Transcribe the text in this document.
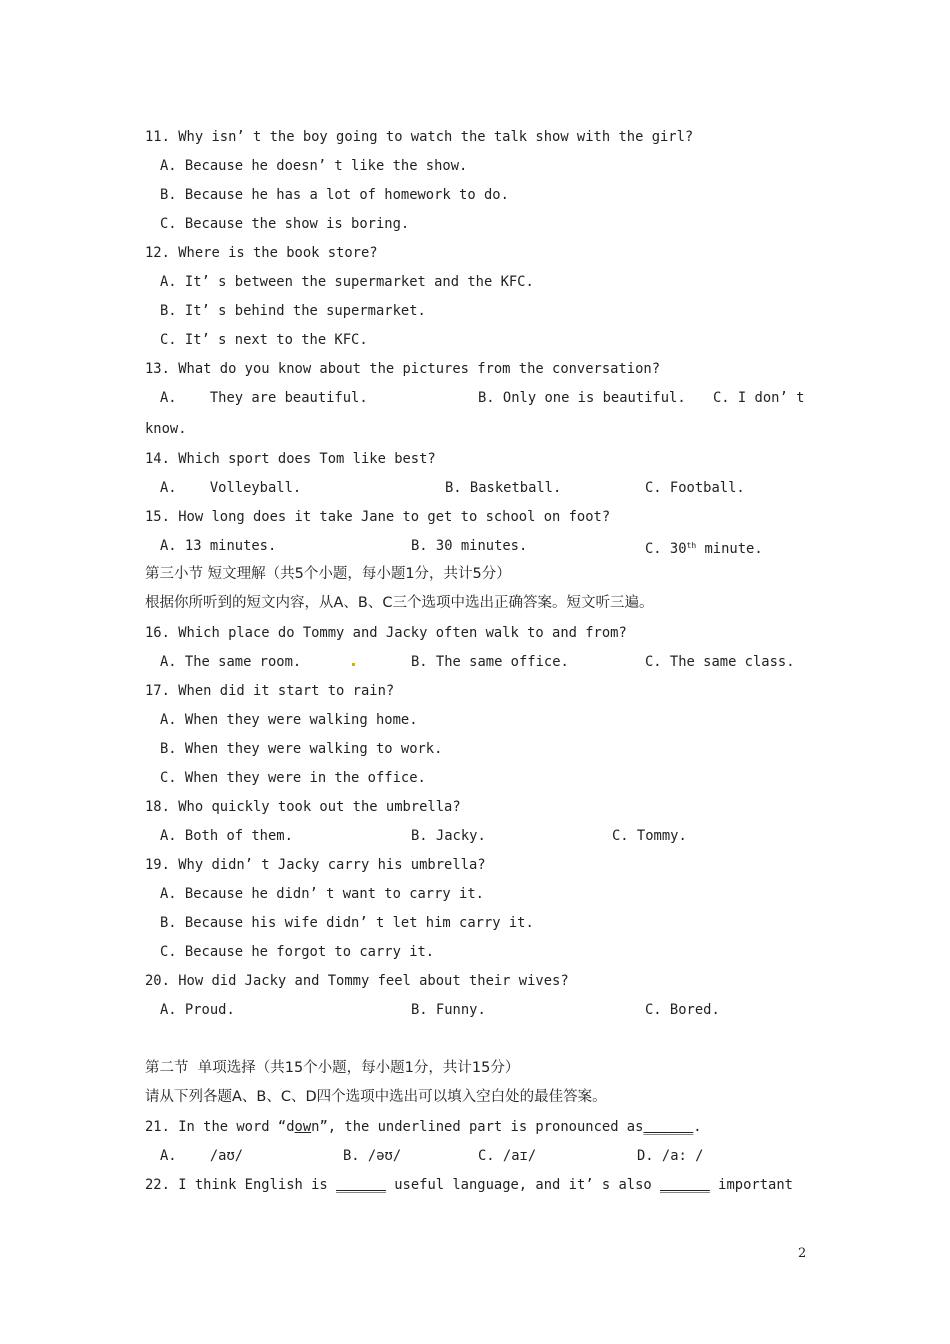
11. Why isn’ t the boy going to watch the talk show with the girl?
A. Because he doesn’ t like the show.
B. Because he has a lot of homework to do.
C. Because the show is boring.
12. Where is the book store?
A. It’ s between the supermarket and the KFC.
B. It’ s behind the supermarket.
C. It’ s next to the KFC.
13. What do you know about the pictures from the conversation?
A.    They are beautiful.	B. Only one is beautiful. C. I don’ t
know.
14. Which sport does Tom like best?
A.    Volleyball.	B. Basketball.	C. Football.
15. How long does it take Jane to get to school on foot?
A. 13 minutes.	B. 30 minutes.	C. 30th minute.
第三小节 短文理解（共5个小题，每小题1分，共计5分）
根据你所听到的短文内容，从A、B、C三个选项中选出正确答案。短文听三遍。
16. Which place do Tommy and Jacky often walk to and from?
A. The same room.	B. The same office.	C. The same class.
17. When did it start to rain?
A. When they were walking home.
B. When they were walking to work.
C. When they were in the office.
18. Who quickly took out the umbrella?
A. Both of them.	B. Jacky.	C. Tommy.
19. Why didn’ t Jacky carry his umbrella?
A. Because he didn’ t want to carry it.
B. Because his wife didn’ t let him carry it.
C. Because he forgot to carry it.
20. How did Jacky and Tommy feel about their wives?
A. Proud.	B. Funny.	C. Bored.
第二节  单项选择（共15个小题，每小题1分，共计15分）
请从下列各题A、B、C、D四个选项中选出可以填入空白处的最佳答案。
21. In the word “down”, the underlined part is pronounced as______.
A.    /aʊ/	B. /əʊ/	C. /aɪ/	D. /a: /
22. I think English is ______ useful language, and it’ s also ______ important
2
